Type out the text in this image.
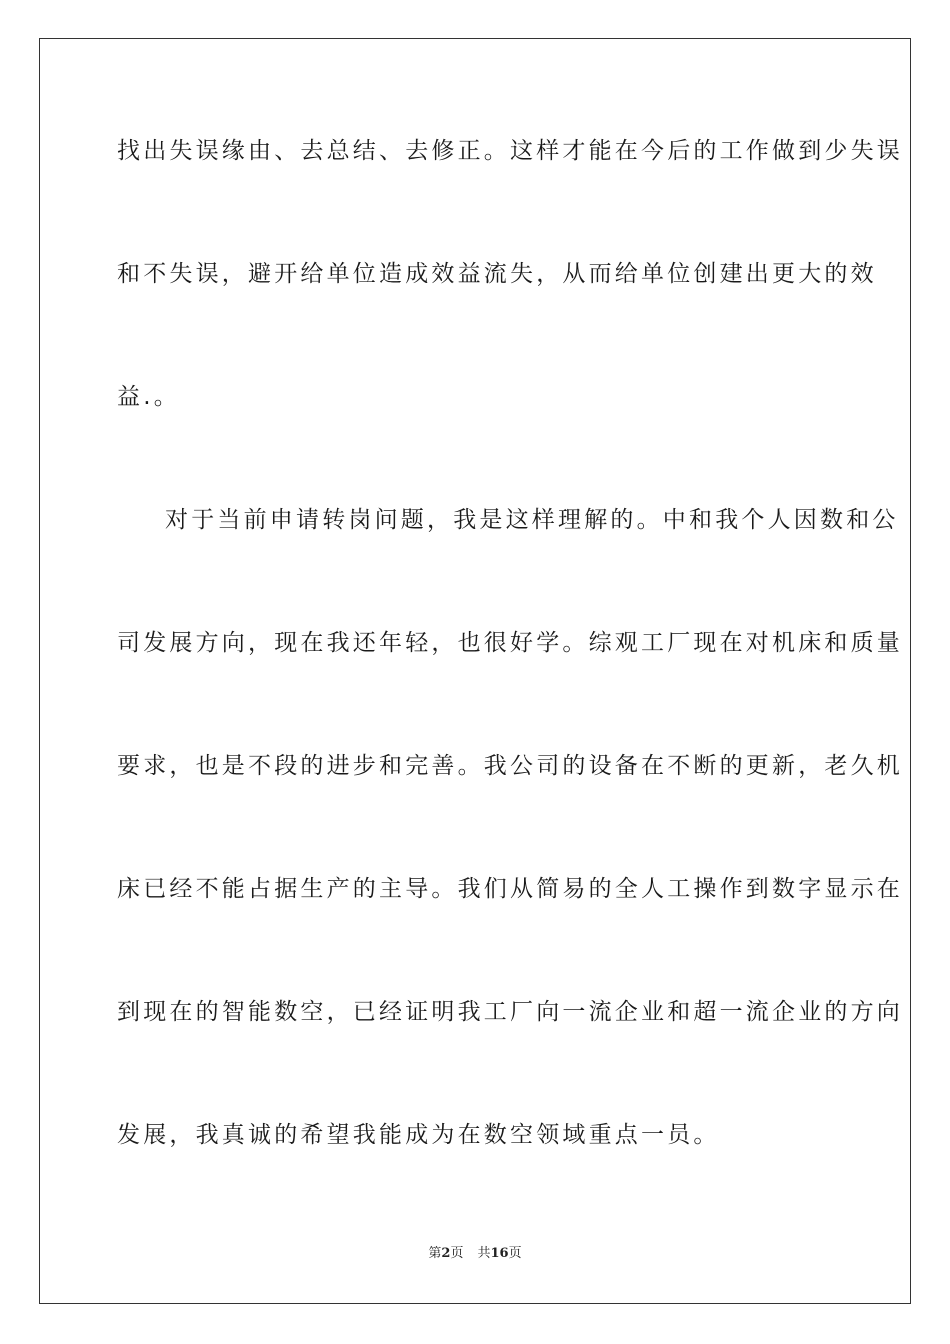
找出失误缘由、去总结、去修正。这样才能在今后的工作做到少失误

和不失误，避开给单位造成效益流失，从而给单位创建出更大的效

益.。

对于当前申请转岗问题，我是这样理解的。中和我个人因数和公

司发展方向，现在我还年轻，也很好学。综观工厂现在对机床和质量

要求，也是不段的进步和完善。我公司的设备在不断的更新，老久机

床已经不能占据生产的主导。我们从简易的全人工操作到数字显示在

到现在的智能数空，已经证明我工厂向一流企业和超一流企业的方向

发展，我真诚的希望我能成为在数空领域重点一员。

第2页 共16页
